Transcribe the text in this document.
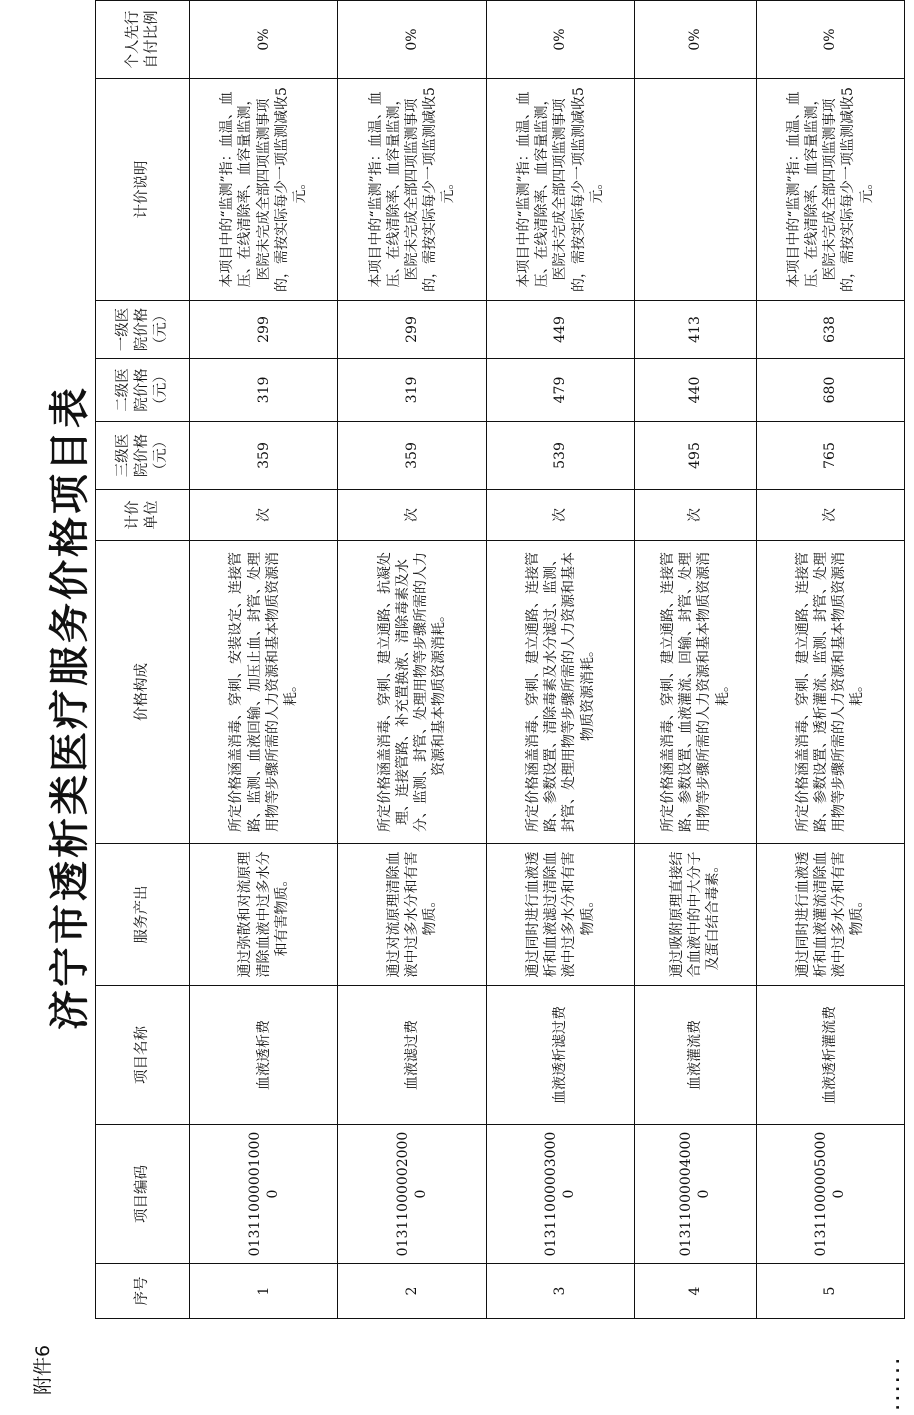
......
附件6
济宁市透析类医疗服务价格项目表
序号	项目编码	项目名称	服务产出	价格构成	计价单位	三级医院价格（元）	二级医院价格（元）	一级医院价格（元）	计价说明	个人先行自付比例
1	013110000010000	血液透析费	通过弥散和对流原理清除血液中过多水分和有害物质。	所定价格涵盖消毒、穿刺、安装设定、连接管路、监测、血液回输、加压止血、封管、处理用物等步骤所需的人力资源和基本物质资源消耗。	次	359	319	299	本项目中的“监测”指：血温、血压、在线清除率、血容量监测，医院未完成全部四项监测事项的，需按实际每少一项监测减收5元。	0%
2	013110000020000	血液滤过费	通过对流原理清除血液中过多水分和有害物质。	所定价格涵盖消毒、穿刺、建立通路、抗凝处理、连接管路、补充置换液、清除毒素及水分、监测、封管、处理用物等步骤所需的人力资源和基本物质资源消耗。	次	359	319	299	本项目中的“监测”指：血温、血压、在线清除率、血容量监测，医院未完成全部四项监测事项的，需按实际每少一项监测减收5元。	0%
3	013110000030000	血液透析滤过费	通过同时进行血液透析和血液滤过清除血液中过多水分和有害物质。	所定价格涵盖消毒、穿刺、建立通路、连接管路、参数设置、清除毒素及水分滤过、监测、封管、处理用物等步骤所需的人力资源和基本物质资源消耗。	次	539	479	449	本项目中的“监测”指：血温、血压、在线清除率、血容量监测，医院未完成全部四项监测事项的，需按实际每少一项监测减收5元。	0%
4	013110000040000	血液灌流费	通过吸附原理直接结合血液中的中大分子及蛋白结合毒素。	所定价格涵盖消毒、穿刺、建立通路、连接管路、参数设置、血液灌流、回输、封管、处理用物等步骤所需的人力资源和基本物质资源消耗。	次	495	440	413		0%
5	013110000050000	血液透析灌流费	通过同时进行血液透析和血液灌流清除血液中过多水分和有害物质。	所定价格涵盖消毒、穿刺、建立通路、连接管路、参数设置、透析灌流、监测、封管、处理用物等步骤所需的人力资源和基本物质资源消耗。	次	765	680	638	本项目中的“监测”指：血温、血压、在线清除率、血容量监测，医院未完成全部四项监测事项的，需按实际每少一项监测减收5元。	0%
